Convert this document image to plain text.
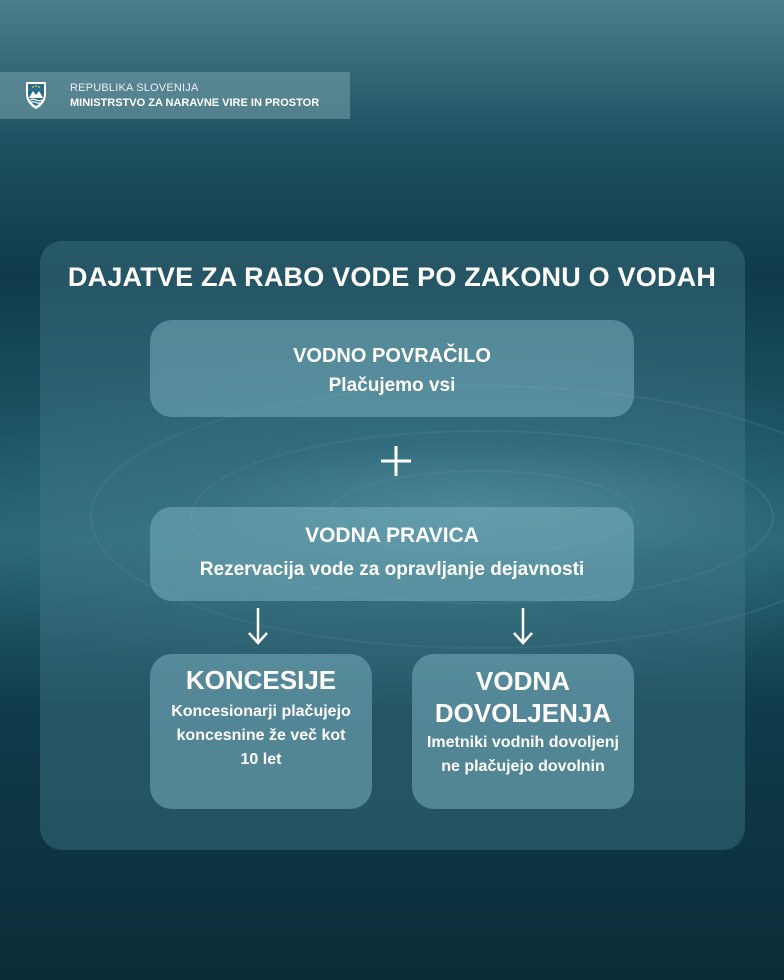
REPUBLIKA SLOVENIJA
MINISTRSTVO ZA NARAVNE VIRE IN PROSTOR
DAJATVE ZA RABO VODE PO ZAKONU O VODAH
VODNO POVRAČILO
Plačujemo vsi
VODNA PRAVICA
Rezervacija vode za opravljanje dejavnosti
KONCESIJE
Koncesionarji plačujejo koncesnine že več kot 10 let
VODNA DOVOLJENJA
Imetniki vodnih dovoljenj ne plačujejo dovolnin
